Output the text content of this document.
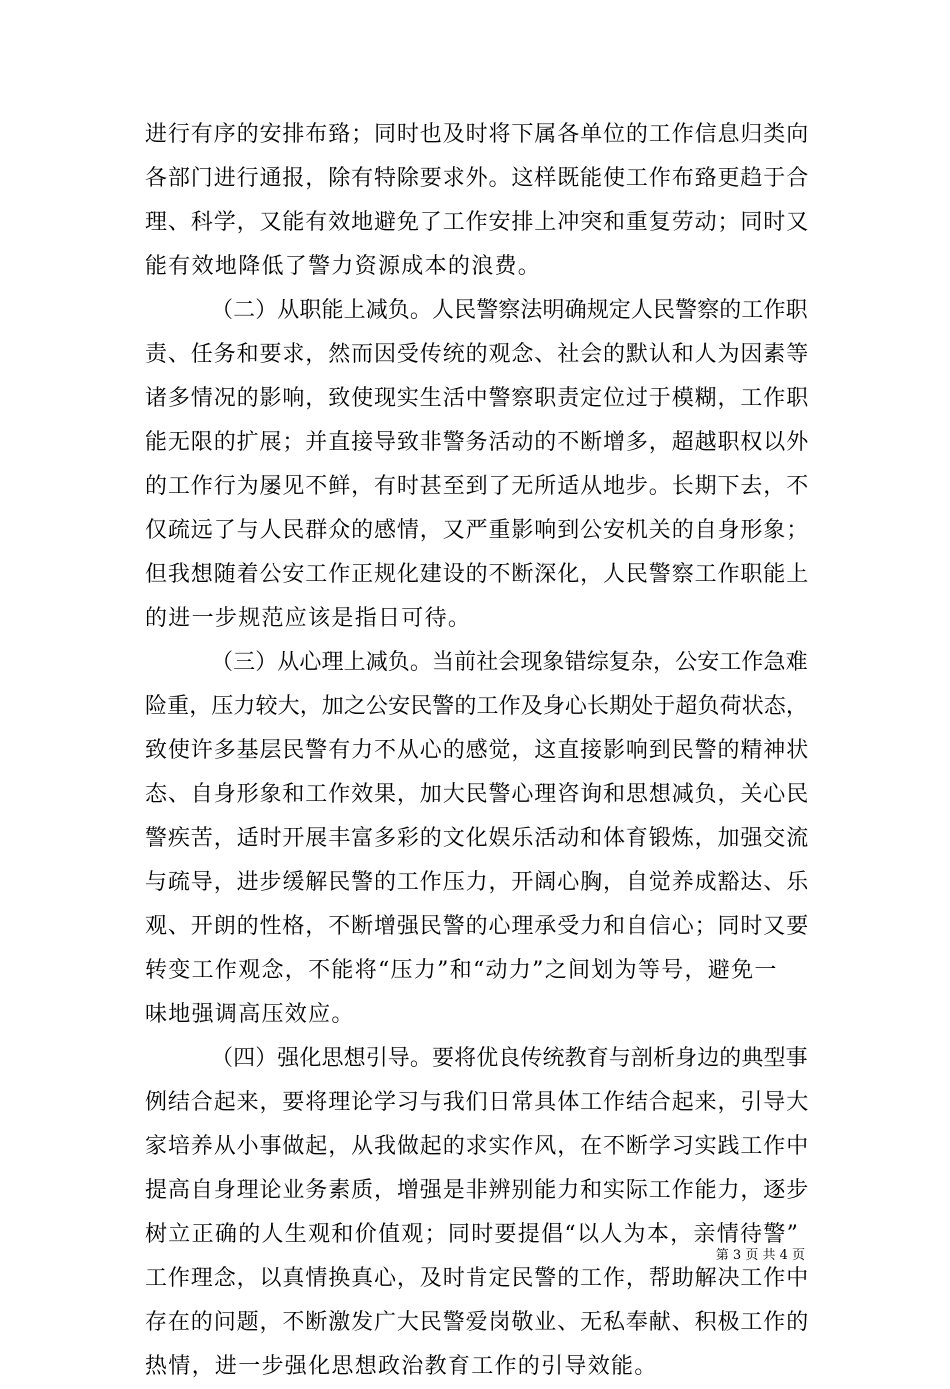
进行有序的安排布臵；同时也及时将下属各单位的工作信息归类向
各部门进行通报，除有特除要求外。这样既能使工作布臵更趋于合
理、科学，又能有效地避免了工作安排上冲突和重复劳动；同时又
能有效地降低了警力资源成本的浪费。
（二）从职能上减负。人民警察法明确规定人民警察的工作职
责、任务和要求，然而因受传统的观念、社会的默认和人为因素等
诸多情况的影响，致使现实生活中警察职责定位过于模糊，工作职
能无限的扩展；并直接导致非警务活动的不断增多，超越职权以外
的工作行为屡见不鲜，有时甚至到了无所适从地步。长期下去，不
仅疏远了与人民群众的感情，又严重影响到公安机关的自身形象；
但我想随着公安工作正规化建设的不断深化，人民警察工作职能上
的进一步规范应该是指日可待。
（三）从心理上减负。当前社会现象错综复杂，公安工作急难
险重，压力较大，加之公安民警的工作及身心长期处于超负荷状态，
致使许多基层民警有力不从心的感觉，这直接影响到民警的精神状
态、自身形象和工作效果，加大民警心理咨询和思想减负，关心民
警疾苦，适时开展丰富多彩的文化娱乐活动和体育锻炼，加强交流
与疏导，进步缓解民警的工作压力，开阔心胸，自觉养成豁达、乐
观、开朗的性格，不断增强民警的心理承受力和自信心；同时又要
转变工作观念，不能将“压力”和“动力”之间划为等号，避免一
味地强调高压效应。
（四）强化思想引导。要将优良传统教育与剖析身边的典型事
例结合起来，要将理论学习与我们日常具体工作结合起来，引导大
家培养从小事做起，从我做起的求实作风，在不断学习实践工作中
提高自身理论业务素质，增强是非辨别能力和实际工作能力，逐步
树立正确的人生观和价值观；同时要提倡“以人为本，亲情待警”
工作理念，以真情换真心，及时肯定民警的工作，帮助解决工作中
存在的问题，不断激发广大民警爱岗敬业、无私奉献、积极工作的
热情，进一步强化思想政治教育工作的引导效能。
第 3 页 共 4 页
